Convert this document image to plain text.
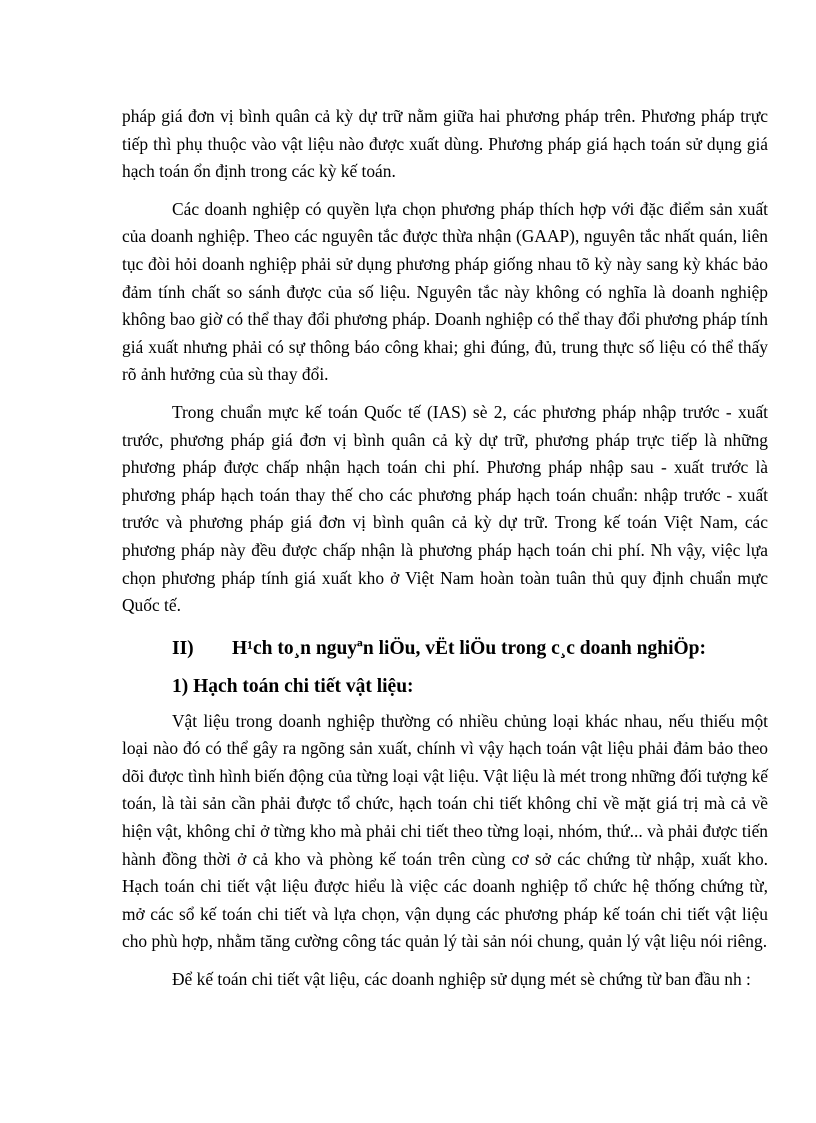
pháp giá đơn vị bình quân cả kỳ dự trữ nằm giữa hai phương pháp trên. Phương pháp trực tiếp thì phụ thuộc vào vật liệu nào được xuất dùng. Phương pháp giá hạch toán sử dụng giá hạch toán ổn định trong các kỳ kế toán.

Các doanh nghiệp có quyền lựa chọn phương pháp thích hợp với đặc điểm sản xuất của doanh nghiệp. Theo các nguyên tắc được thừa nhận (GAAP), nguyên tắc nhất quán, liên tục đòi hỏi doanh nghiệp phải sử dụng phương pháp giống nhau tõ kỳ này sang kỳ khác bảo đảm tính chất so sánh được của số liệu. Nguyên tắc này không có nghĩa là doanh nghiệp không bao giờ có thể thay đổi phương pháp. Doanh nghiệp có thể thay đổi phương pháp tính giá xuất nhưng phải có sự thông báo công khai; ghi đúng, đủ, trung thực số liệu có thể thấy rõ ảnh hưởng của sù thay đổi.

Trong chuẩn mực kế toán Quốc tế (IAS) sè 2, các phương pháp nhập trước - xuất trước, phương pháp giá đơn vị bình quân cả kỳ dự trữ, phương pháp trực tiếp là những phương pháp được chấp nhận hạch toán chi phí. Phương pháp nhập sau - xuất trước là phương pháp hạch toán thay thế cho các phương pháp hạch toán chuẩn: nhập trước - xuất trước và phương pháp giá đơn vị bình quân cả kỳ dự trữ. Trong kế toán Việt Nam, các phương pháp này đều được chấp nhận là phương pháp hạch toán chi phí. Nh vậy, việc lựa chọn phương pháp tính giá xuất kho ở Việt Nam hoàn toàn tuân thủ quy định chuẩn mực Quốc tế.

II) H¹ch to¸n nguyªn liÖu, vËt liÖu trong c¸c doanh nghiÖp:
1) Hạch toán chi tiết vật liệu:

Vật liệu trong doanh nghiệp thường có nhiều chủng loại khác nhau, nếu thiếu một loại nào đó có thể gây ra ngõng sản xuất, chính vì vậy hạch toán vật liệu phải đảm bảo theo dõi được tình hình biến động của từng loại vật liệu. Vật liệu là mét trong những đối tượng kế toán, là tài sản cần phải được tổ chức, hạch toán chi tiết không chỉ về mặt giá trị mà cả về hiện vật, không chỉ ở từng kho mà phải chi tiết theo từng loại, nhóm, thứ... và phải được tiến hành đồng thời ở cả kho và phòng kế toán trên cùng cơ sở các chứng từ nhập, xuất kho. Hạch toán chi tiết vật liệu được hiểu là việc các doanh nghiệp tổ chức hệ thống chứng từ, mở các sổ kế toán chi tiết và lựa chọn, vận dụng các phương pháp kế toán chi tiết vật liệu cho phù hợp, nhằm tăng cường công tác quản lý tài sản nói chung, quản lý vật liệu nói riêng.

Để kế toán chi tiết vật liệu, các doanh nghiệp sử dụng mét sè chứng từ ban đầu nh :
